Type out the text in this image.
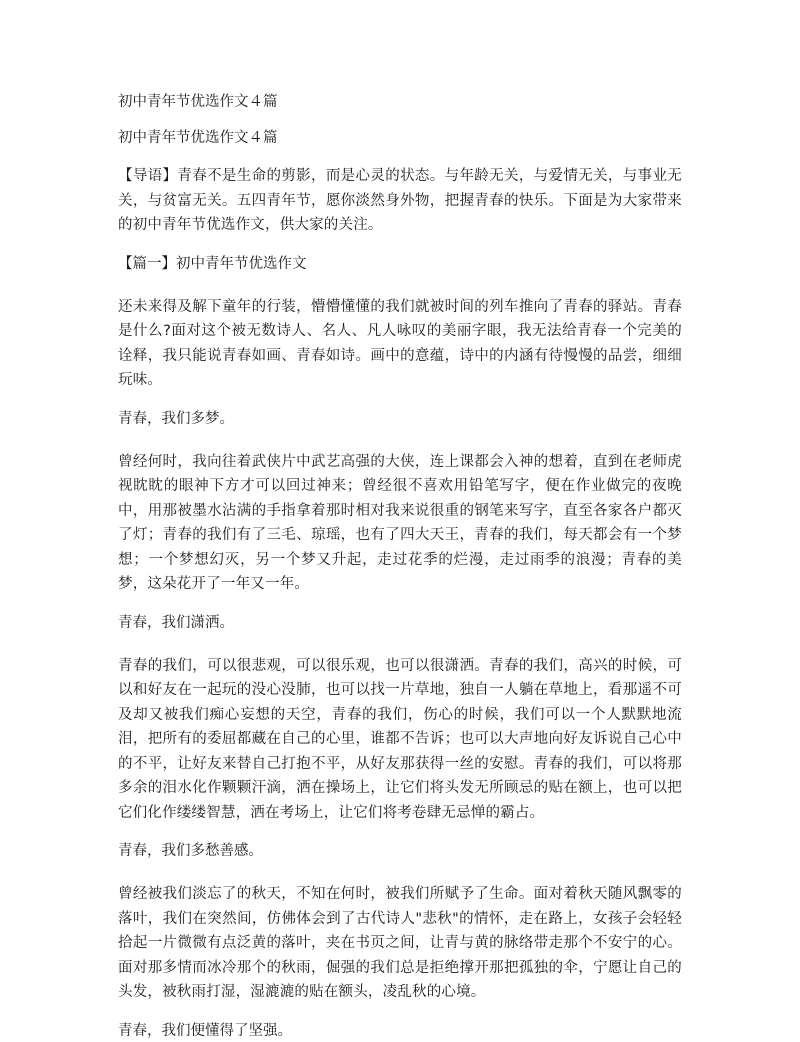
初中青年节优选作文４篇
初中青年节优选作文４篇
【导语】青春不是生命的剪影，而是心灵的状态。与年龄无关，与爱情无关，与事业无关，与贫富无关。五四青年节，愿你淡然身外物，把握青春的快乐。下面是为大家带来的初中青年节优选作文，供大家的关注。
【篇一】初中青年节优选作文
还未来得及解下童年的行装，懵懵懂懂的我们就被时间的列车推向了青春的驿站。青春是什么?面对这个被无数诗人、名人、凡人咏叹的美丽字眼，我无法给青春一个完美的诠释，我只能说青春如画、青春如诗。画中的意蕴，诗中的内涵有待慢慢的品尝，细细玩味。
青春，我们多梦。
曾经何时，我向往着武侠片中武艺高强的大侠，连上课都会入神的想着，直到在老师虎视眈眈的眼神下方才可以回过神来；曾经很不喜欢用铅笔写字，便在作业做完的夜晚中，用那被墨水沾满的手指拿着那时相对我来说很重的钢笔来写字，直至各家各户都灭了灯；青春的我们有了三毛、琼瑶，也有了四大天王，青春的我们，每天都会有一个梦想；一个梦想幻灭，另一个梦又升起，走过花季的烂漫，走过雨季的浪漫；青春的美梦，这朵花开了一年又一年。
青春，我们潇洒。
青春的我们，可以很悲观，可以很乐观，也可以很潇洒。青春的我们，高兴的时候，可以和好友在一起玩的没心没肺，也可以找一片草地，独自一人躺在草地上，看那遥不可及却又被我们痴心妄想的天空，青春的我们，伤心的时候，我们可以一个人默默地流泪，把所有的委屈都藏在自己的心里，谁都不告诉；也可以大声地向好友诉说自己心中的不平，让好友来替自己打抱不平，从好友那获得一丝的安慰。青春的我们，可以将那多余的泪水化作颗颗汗滴，洒在操场上，让它们将头发无所顾忌的贴在额上，也可以把它们化作缕缕智慧，洒在考场上，让它们将考卷肆无忌惮的霸占。
青春，我们多愁善感。
曾经被我们淡忘了的秋天，不知在何时，被我们所赋予了生命。面对着秋天随风飘零的落叶，我们在突然间，仿佛体会到了古代诗人"悲秋"的情怀，走在路上，女孩子会轻轻拾起一片微微有点泛黄的落叶，夹在书页之间，让青与黄的脉络带走那个不安宁的心。面对那多情而冰冷那个的秋雨，倔强的我们总是拒绝撑开那把孤独的伞，宁愿让自己的头发，被秋雨打湿，湿漉漉的贴在额头，凌乱秋的心境。
青春，我们便懂得了坚强。
